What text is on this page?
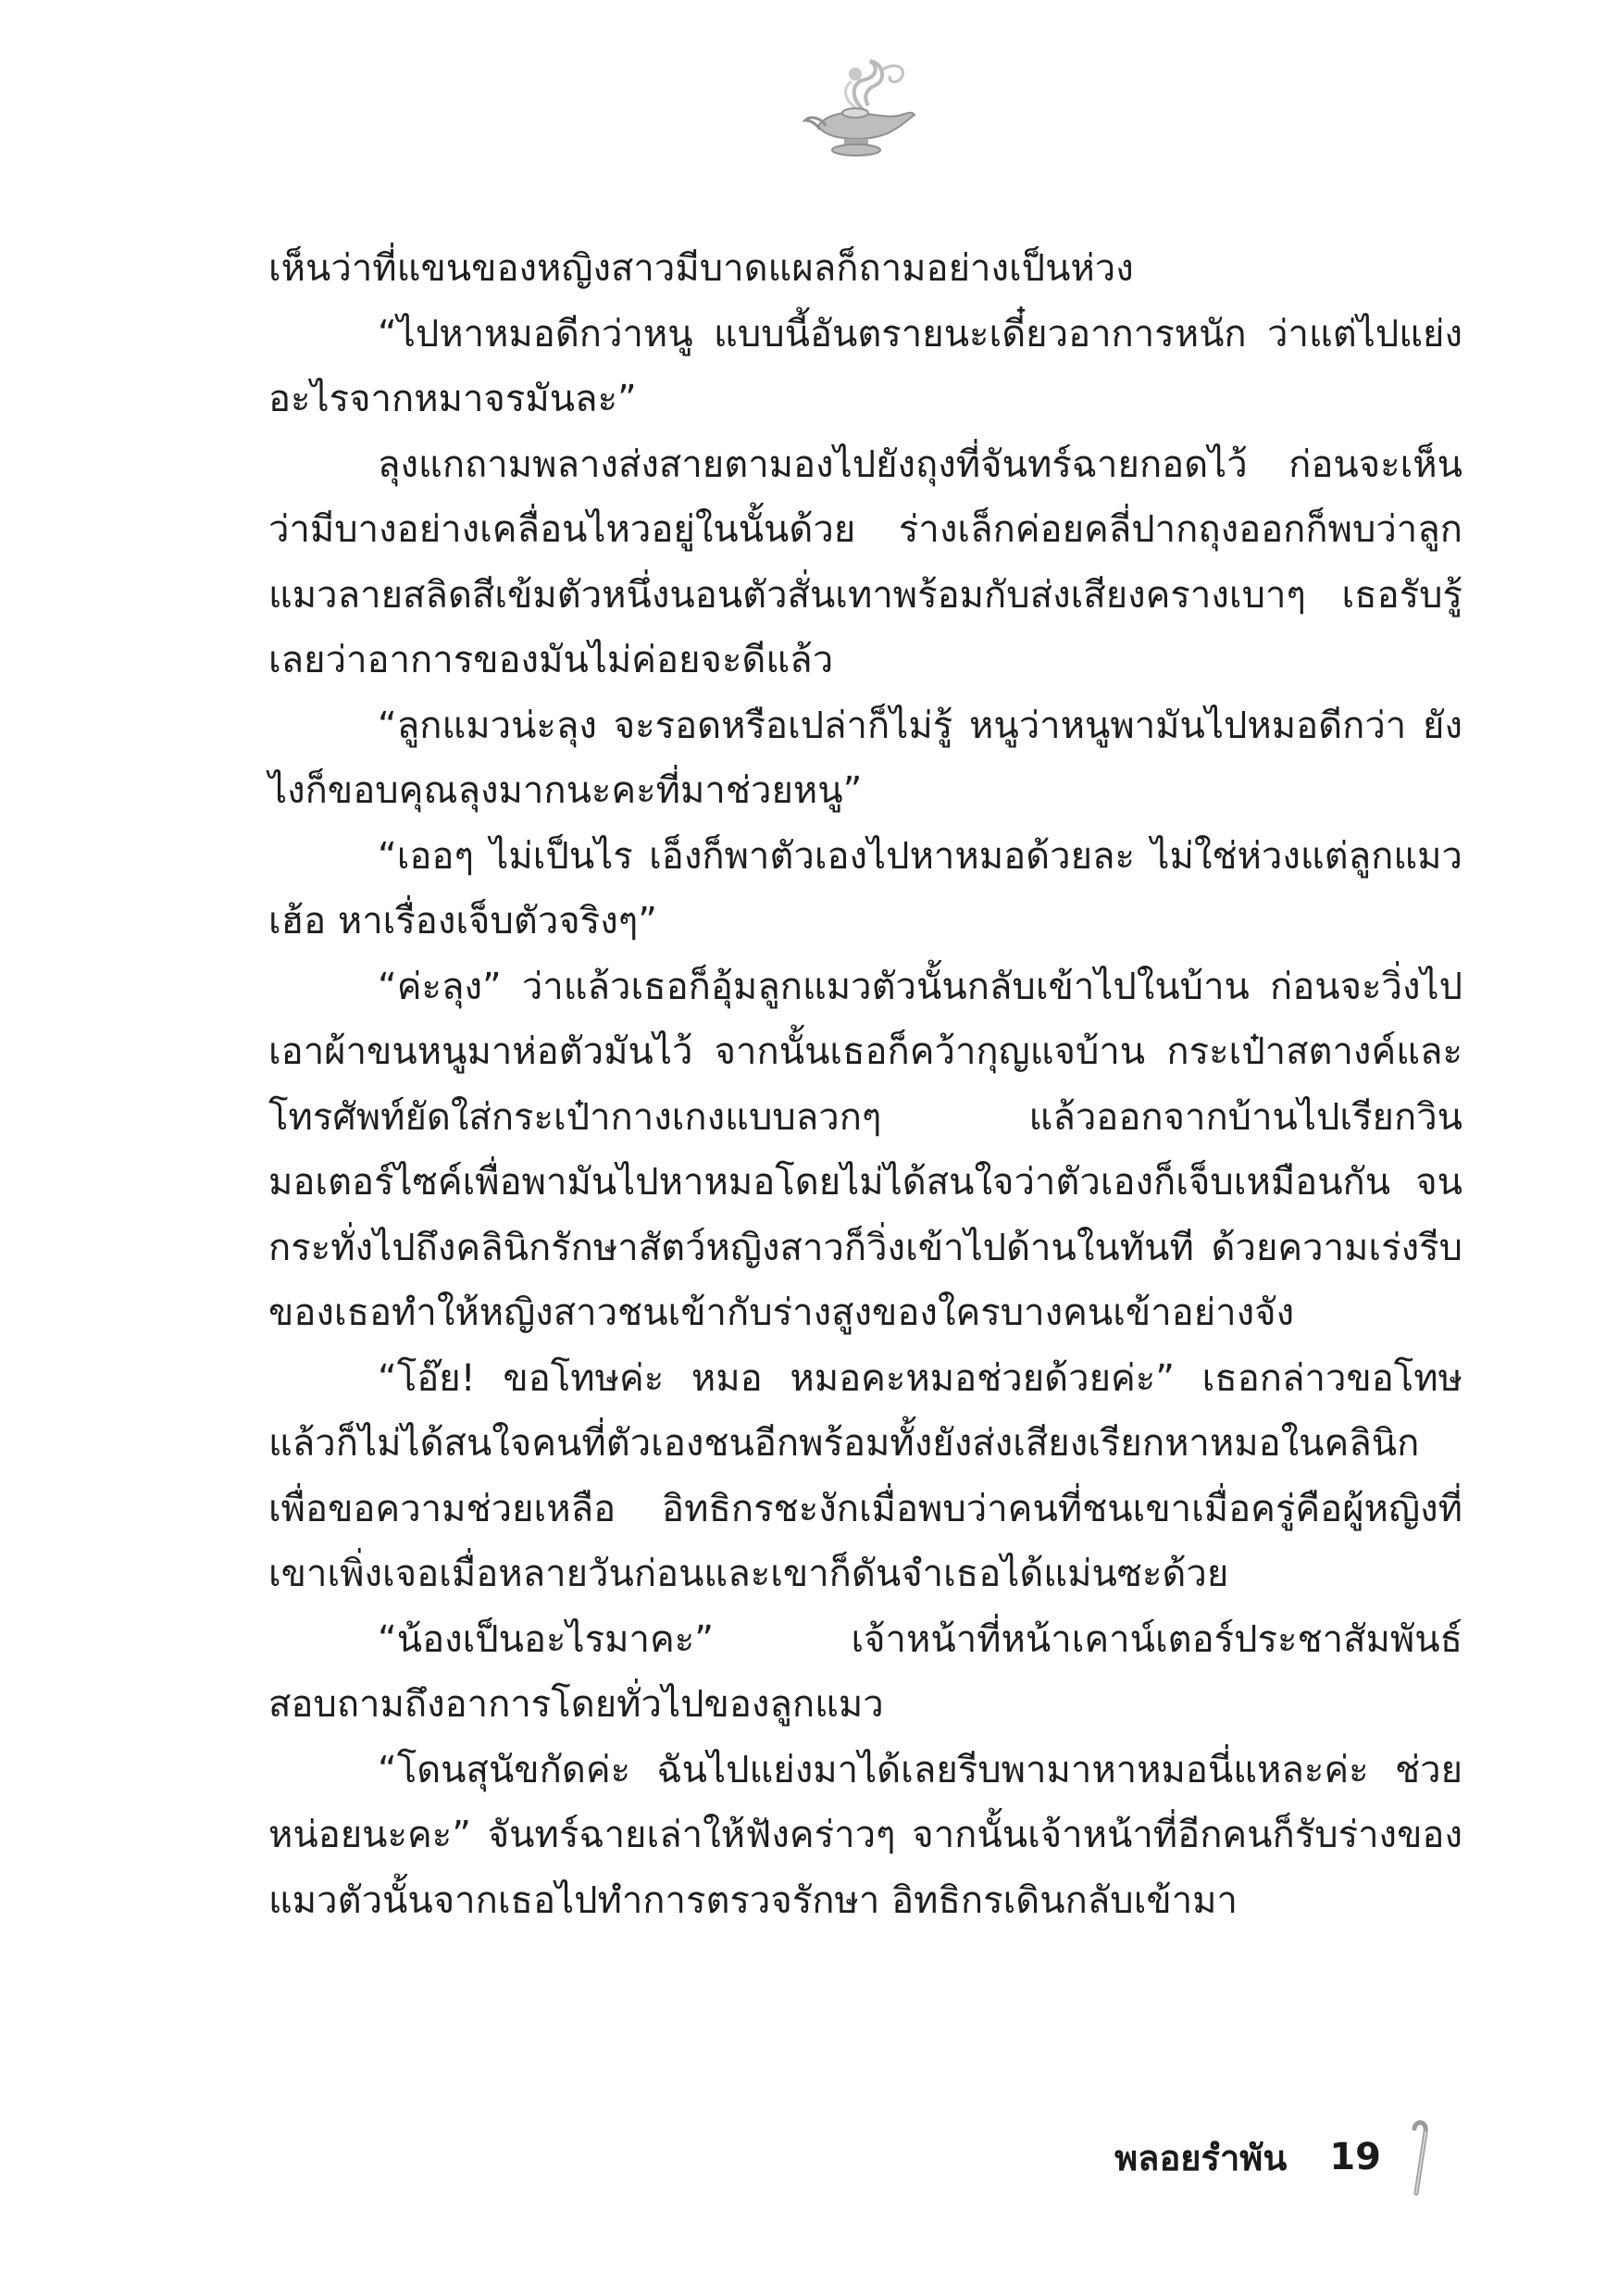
เห็นว่าที่แขนของหญิงสาวมีบาดแผลก็ถามอย่างเป็นห่วง

“ไปหาหมอดีกว่าหนู แบบนี้อันตรายนะเดี๋ยวอาการหนัก ว่าแต่ไปแย่งอะไรจากหมาจรมันละ”

ลุงแกถามพลางส่งสายตามองไปยังถุงที่จันทร์ฉายกอดไว้ ก่อนจะเห็นว่ามีบางอย่างเคลื่อนไหวอยู่ในนั้นด้วย ร่างเล็กค่อยคลี่ปากถุงออกก็พบว่าลูกแมวลายสลิดสีเข้มตัวหนึ่งนอนตัวสั่นเทาพร้อมกับส่งเสียงครางเบาๆ เธอรับรู้เลยว่าอาการของมันไม่ค่อยจะดีแล้ว

“ลูกแมวน่ะลุง จะรอดหรือเปล่าก็ไม่รู้ หนูว่าหนูพามันไปหมอดีกว่า ยังไงก็ขอบคุณลุงมากนะคะที่มาช่วยหนู”

“เออๆ ไม่เป็นไร เอ็งก็พาตัวเองไปหาหมอด้วยละ ไม่ใช่ห่วงแต่ลูกแมว เฮ้อ หาเรื่องเจ็บตัวจริงๆ”

“ค่ะลุง” ว่าแล้วเธอก็อุ้มลูกแมวตัวนั้นกลับเข้าไปในบ้าน ก่อนจะวิ่งไปเอาผ้าขนหนูมาห่อตัวมันไว้ จากนั้นเธอก็คว้ากุญแจบ้าน กระเป๋าสตางค์และโทรศัพท์ยัดใส่กระเป๋ากางเกงแบบลวกๆ แล้วออกจากบ้านไปเรียกวินมอเตอร์ไซค์เพื่อพามันไปหาหมอโดยไม่ได้สนใจว่าตัวเองก็เจ็บเหมือนกัน จนกระทั่งไปถึงคลินิกรักษาสัตว์หญิงสาวก็วิ่งเข้าไปด้านในทันที ด้วยความเร่งรีบของเธอทำให้หญิงสาวชนเข้ากับร่างสูงของใครบางคนเข้าอย่างจัง

“โอ๊ย! ขอโทษค่ะ หมอ หมอคะหมอช่วยด้วยค่ะ” เธอกล่าวขอโทษแล้วก็ไม่ได้สนใจคนที่ตัวเองชนอีกพร้อมทั้งยังส่งเสียงเรียกหาหมอในคลินิกเพื่อขอความช่วยเหลือ อิทธิกรชะงักเมื่อพบว่าคนที่ชนเขาเมื่อครู่คือผู้หญิงที่เขาเพิ่งเจอเมื่อหลายวันก่อนและเขาก็ดันจำเธอได้แม่นซะด้วย

“น้องเป็นอะไรมาคะ” เจ้าหน้าที่หน้าเคาน์เตอร์ประชาสัมพันธ์สอบถามถึงอาการโดยทั่วไปของลูกแมว

“โดนสุนัขกัดค่ะ ฉันไปแย่งมาได้เลยรีบพามาหาหมอนี่แหละค่ะ ช่วยหน่อยนะคะ” จันทร์ฉายเล่าให้ฟังคร่าวๆ จากนั้นเจ้าหน้าที่อีกคนก็รับร่างของแมวตัวนั้นจากเธอไปทำการตรวจรักษา อิทธิกรเดินกลับเข้ามา

พลอยรำพัน 19
